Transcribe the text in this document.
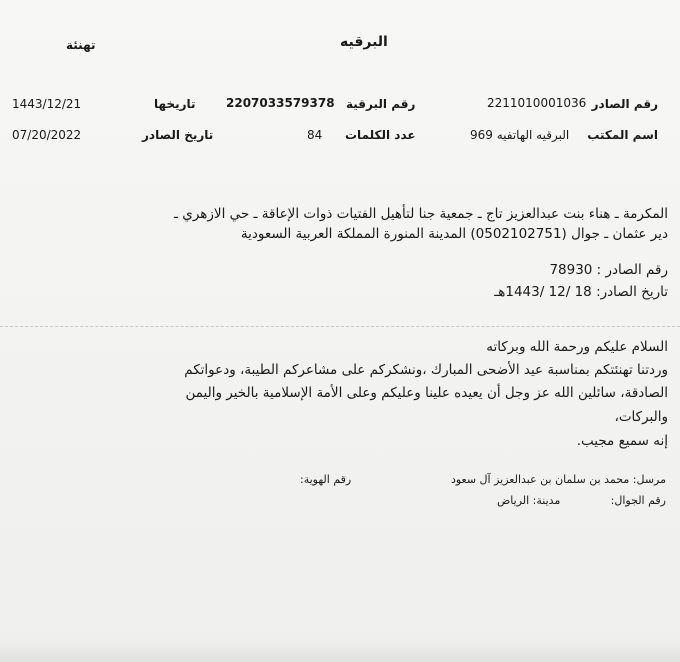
البرقيه
تهنئة
رقم الصادر
2211010001036
رقم البرقية
2207033579378
تاريخها
1443/12/21
اسم المكتب
البرقيه الهاتفيه 969
عدد الكلمات
84
تاريخ الصادر
07/20/2022
المكرمة ـ هناء بنت عبدالعزيز تاج ـ جمعية جنا لتأهيل الفتيات ذوات الإعاقة ـ حي الازهري ـ
دير عثمان ـ جوال (0502102751) المدينة المنورة المملكة العربية السعودية
رقم الصادر : 78930
تاريخ الصادر: 18 /12 /1443هـ
السلام عليكم ورحمة الله وبركاته
وردتنا تهنئتكم بمناسبة عيد الأضحى المبارك ،ونشكركم على مشاعركم الطيبة، ودعواتكم
الصادقة، سائلين الله عز وجل أن يعيده علينا وعليكم وعلى الأمة الإسلامية بالخير واليمن
والبركات،
إنه سميع مجيب.
مرسل: محمد بن سلمان بن عبدالعزيز آل سعود
رقم الهوية:
رقم الجوال:
مدينة: الرياض
